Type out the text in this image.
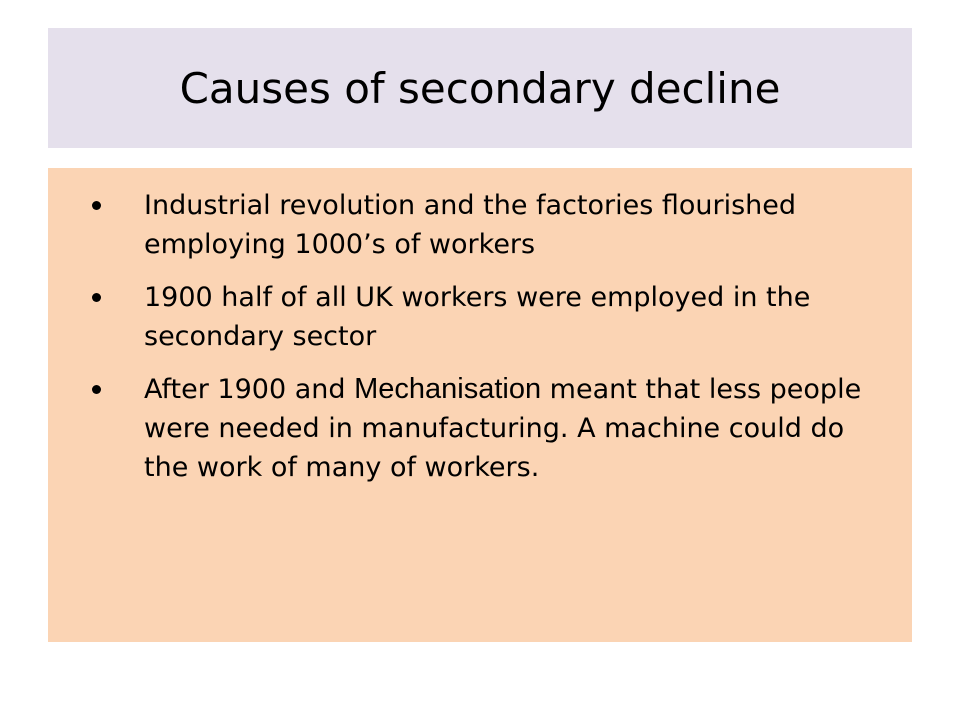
Causes of secondary decline
Industrial revolution and the factories flourished employing 1000’s of workers
1900 half of all UK workers were employed in the secondary sector
After 1900 and Mechanisation meant that less people were needed in manufacturing. A machine could do the work of many of workers.
